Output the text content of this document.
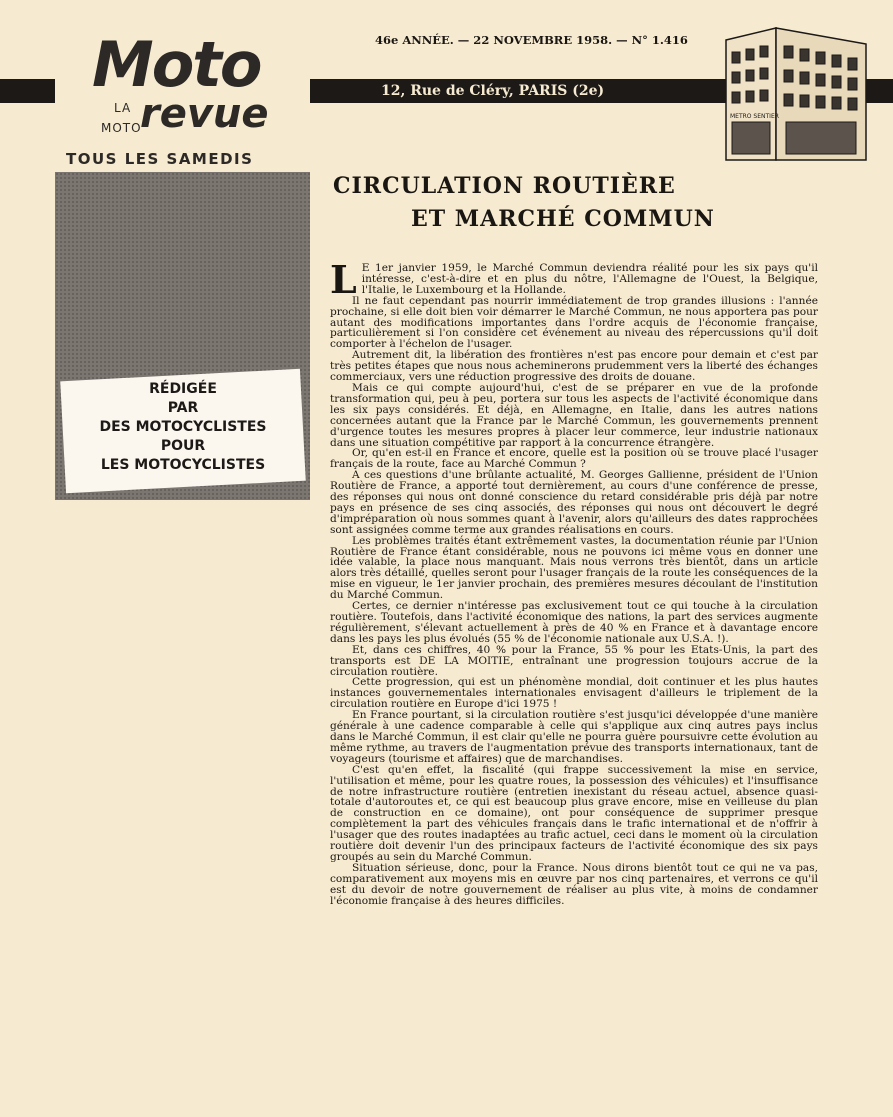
Moto
LA
MOTO
revue
TOUS LES SAMEDIS
RÉDIGÉE
PAR
DES MOTOCYCLISTES
POUR
LES MOTOCYCLISTES
46e ANNÉE. — 22 NOVEMBRE 1958. — N° 1.416
12, Rue de Cléry, PARIS (2e)
METRO SENTIER
CIRCULATION ROUTIÈRE
ET MARCHÉ COMMUN

L E 1er janvier 1959, le Marché Commun deviendra réalité pour les six pays qu'il intéresse, c'est-à-dire et en plus du nôtre, l'Allemagne de l'Ouest, la Belgique, l'Italie, le Luxembourg et la Hollande.

Il ne faut cependant pas nourrir immédiatement de trop grandes illusions : l'année prochaine, si elle doit bien voir démarrer le Marché Commun, ne nous apportera pas pour autant des modifications importantes dans l'ordre acquis de l'économie française, particulièrement si l'on considère cet événement au niveau des répercussions qu'il doit comporter à l'échelon de l'usager.

Autrement dit, la libération des frontières n'est pas encore pour demain et c'est par très petites étapes que nous nous acheminerons prudemment vers la liberté des échanges commerciaux, vers une réduction progressive des droits de douane.

Mais ce qui compte aujourd'hui, c'est de se préparer en vue de la profonde transformation qui, peu à peu, portera sur tous les aspects de l'activité économique dans les six pays considérés. Et déjà, en Allemagne, en Italie, dans les autres nations concernées autant que la France par le Marché Commun, les gouvernements prennent d'urgence toutes les mesures propres à placer leur commerce, leur industrie nationaux dans une situation compétitive par rapport à la concurrence étrangère.

Or, qu'en est-il en France et encore, quelle est la position où se trouve placé l'usager français de la route, face au Marché Commun ?

A ces questions d'une brûlante actualité, M. Georges Gallienne, président de l'Union Routière de France, a apporté tout dernièrement, au cours d'une conférence de presse, des réponses qui nous ont donné conscience du retard considérable pris déjà par notre pays en présence de ses cinq associés, des réponses qui nous ont découvert le degré d'impréparation où nous sommes quant à l'avenir, alors qu'ailleurs des dates rapprochées sont assignées comme terme aux grandes réalisations en cours.

Les problèmes traités étant extrêmement vastes, la documentation réunie par l'Union Routière de France étant considérable, nous ne pouvons ici même vous en donner une idée valable, la place nous manquant. Mais nous verrons très bientôt, dans un article alors très détaillé, quelles seront pour l'usager français de la route les conséquences de la mise en vigueur, le 1er janvier prochain, des premières mesures découlant de l'institution du Marché Commun.

Certes, ce dernier n'intéresse pas exclusivement tout ce qui touche à la circulation routière. Toutefois, dans l'activité économique des nations, la part des services augmente régulièrement, s'élevant actuellement à près de 40 % en France et à davantage encore dans les pays les plus évolués (55 % de l'économie nationale aux U.S.A. !).

Et, dans ces chiffres, 40 % pour la France, 55 % pour les Etats-Unis, la part des transports est DE LA MOITIE, entraînant une progression toujours accrue de la circulation routière.

Cette progression, qui est un phénomène mondial, doit continuer et les plus hautes instances gouvernementales internationales envisagent d'ailleurs le triplement de la circulation routière en Europe d'ici 1975 !

En France pourtant, si la circulation routière s'est jusqu'ici développée d'une manière générale à une cadence comparable à celle qui s'applique aux cinq autres pays inclus dans le Marché Commun, il est clair qu'elle ne pourra guère poursuivre cette évolution au même rythme, au travers de l'augmentation prévue des transports internationaux, tant de voyageurs (tourisme et affaires) que de marchandises.

C'est qu'en effet, la fiscalité (qui frappe successivement la mise en service, l'utilisation et même, pour les quatre roues, la possession des véhicules) et l'insuffisance de notre infrastructure routière (entretien inexistant du réseau actuel, absence quasi-totale d'autoroutes et, ce qui est beaucoup plus grave encore, mise en veilleuse du plan de construction en ce domaine), ont pour conséquence de supprimer presque complètement la part des véhicules français dans le trafic international et de n'offrir à l'usager que des routes inadaptées au trafic actuel, ceci dans le moment où la circulation routière doit devenir l'un des principaux facteurs de l'activité économique des six pays groupés au sein du Marché Commun.

Situation sérieuse, donc, pour la France. Nous dirons bientôt tout ce qui ne va pas, comparativement aux moyens mis en œuvre par nos cinq partenaires, et verrons ce qu'il est du devoir de notre gouvernement de réaliser au plus vite, à moins de condamner l'économie française à des heures difficiles.
